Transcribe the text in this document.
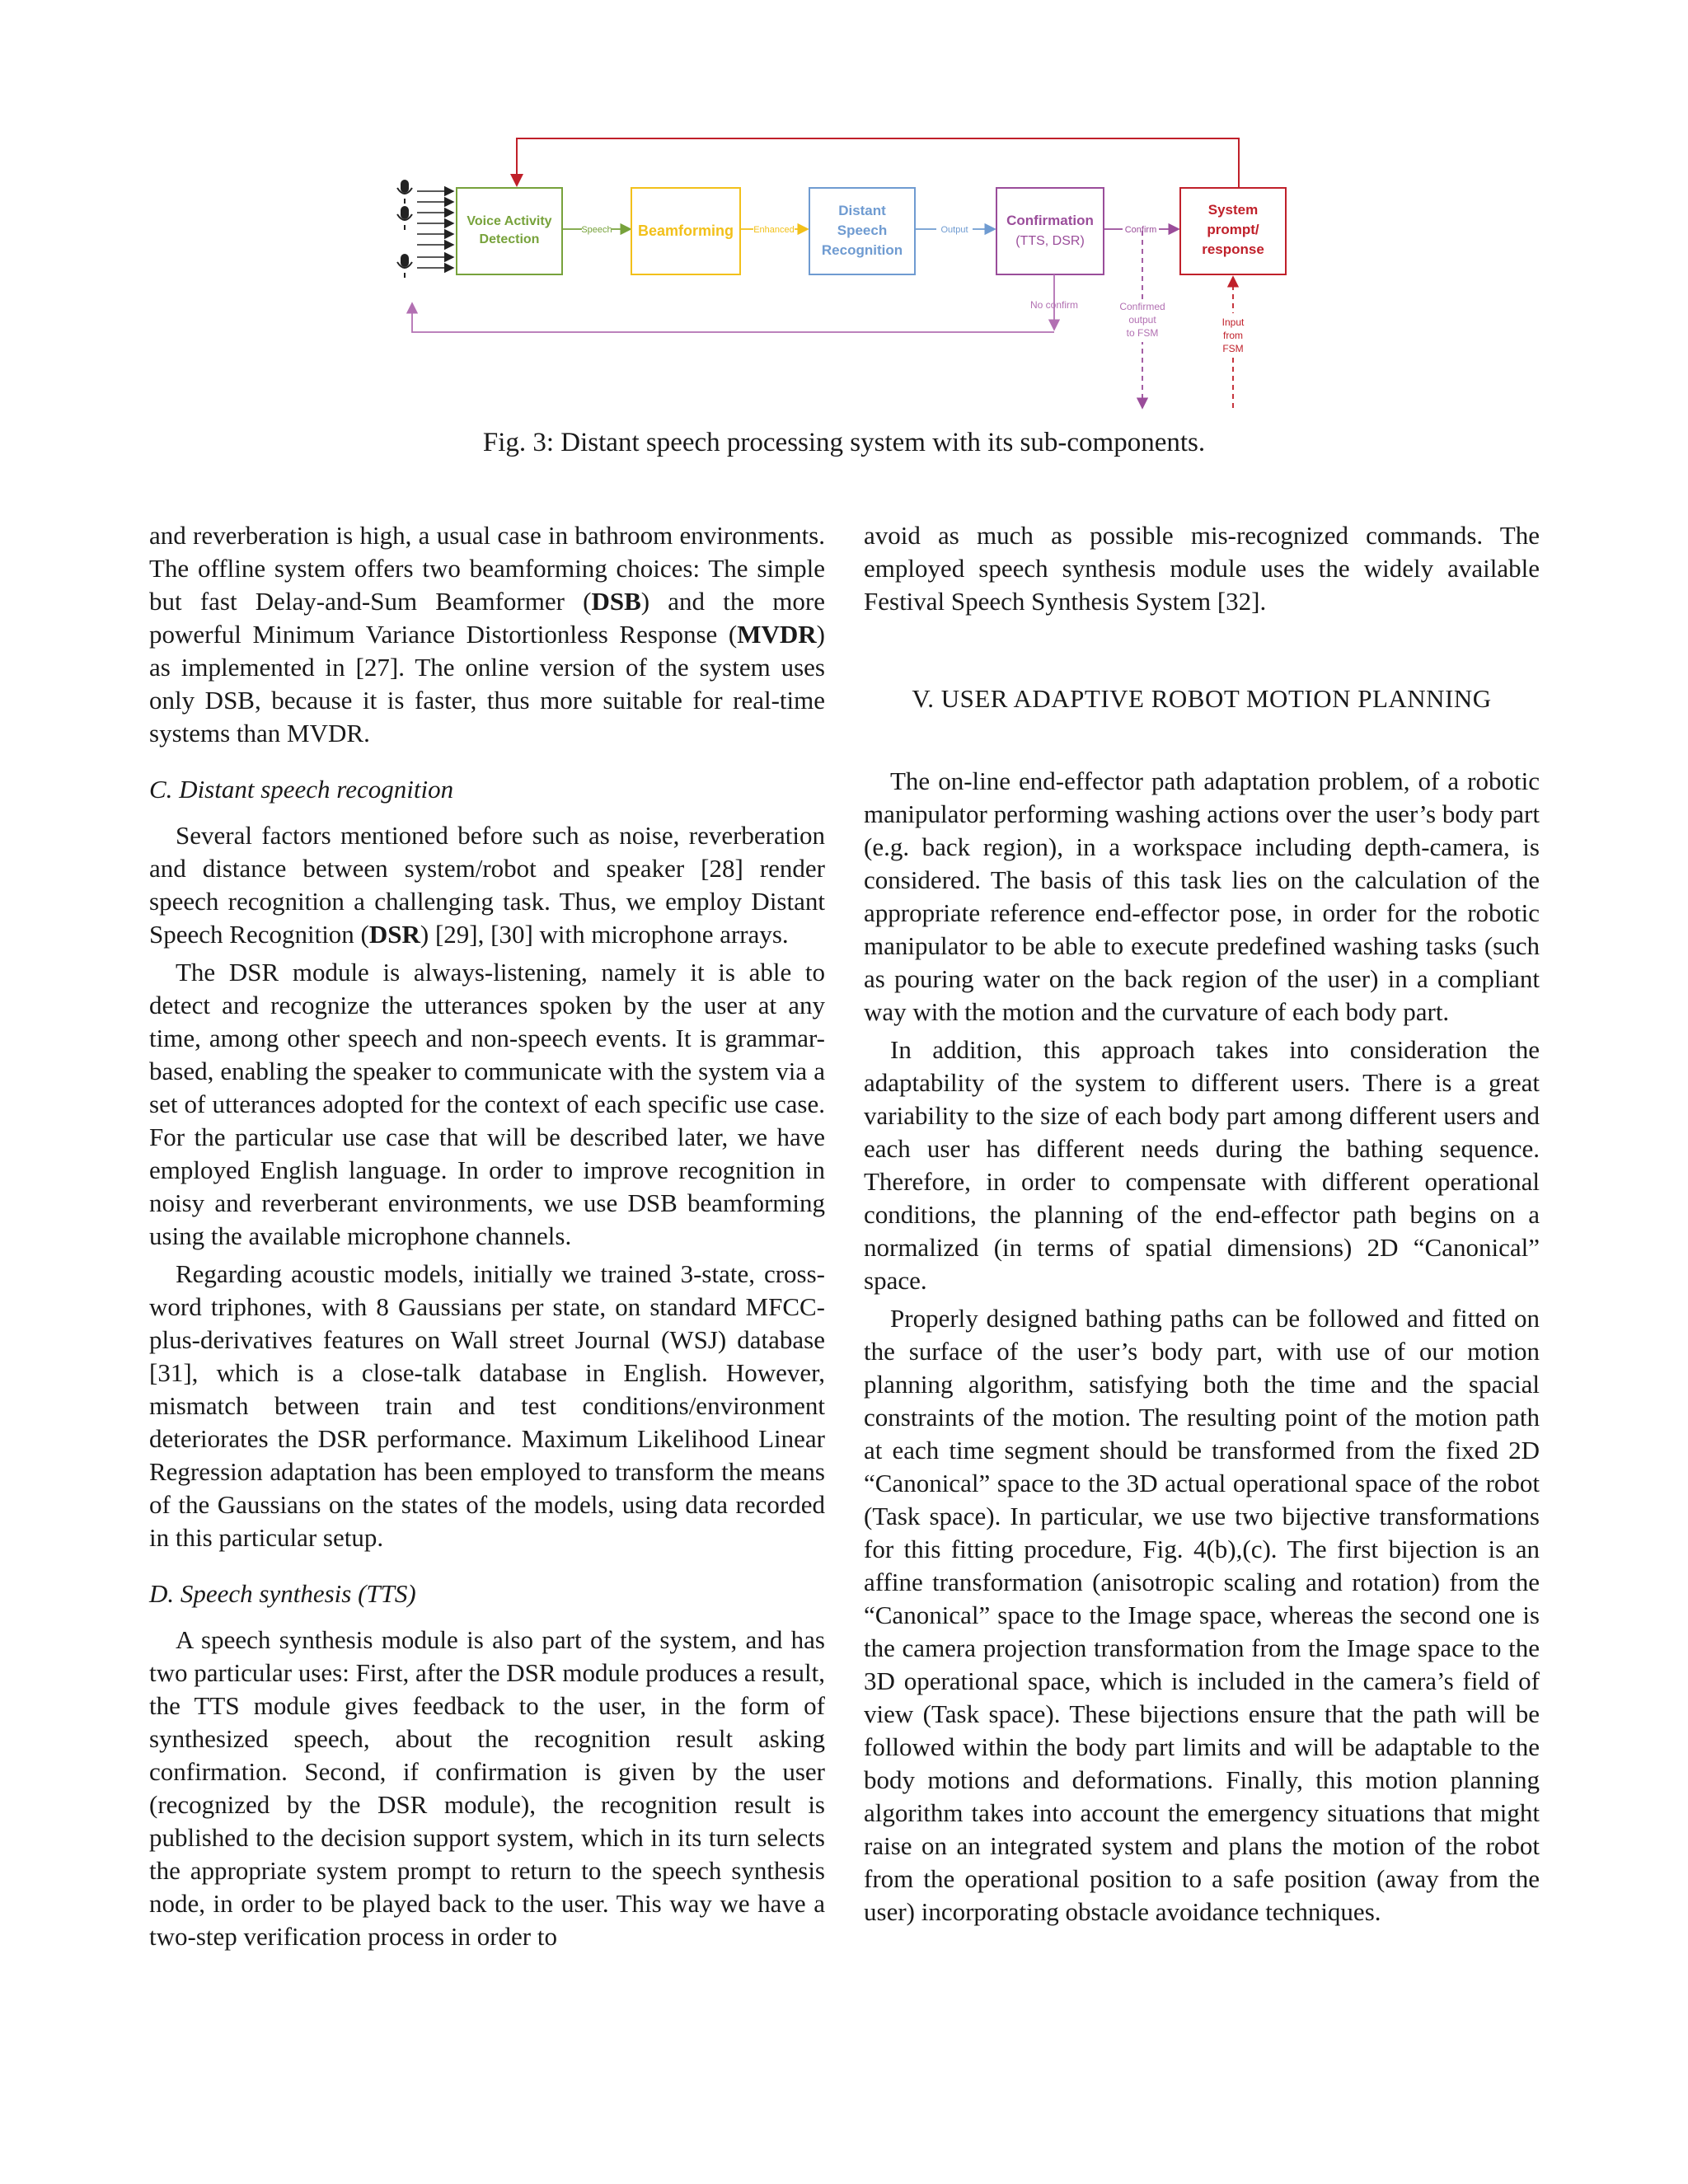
Voice Activity
Detection
Speech Beamforming Enhanced
Distant
Speech
Recognition
Output
Confirmation
(TTS, DSR)
Confirm
System
prompt/
response
No confirm	Confirmed
output
to FSM
Input
from
FSM
Fig. 3: Distant speech processing system with its sub-components.

and reverberation is high, a usual case in bathroom environments. The offline system offers two beamforming choices: The simple but fast Delay-and-Sum Beamformer (DSB) and the more powerful Minimum Variance Distortionless Response (MVDR) as implemented in [27]. The online version of the system uses only DSB, because it is faster, thus more suitable for real-time systems than MVDR.

C. Distant speech recognition

Several factors mentioned before such as noise, reverberation and distance between system/robot and speaker [28] render speech recognition a challenging task. Thus, we employ Distant Speech Recognition (DSR) [29], [30] with microphone arrays.

The DSR module is always-listening, namely it is able to detect and recognize the utterances spoken by the user at any time, among other speech and non-speech events. It is grammar-based, enabling the speaker to communicate with the system via a set of utterances adopted for the context of each specific use case. For the particular use case that will be described later, we have employed English language. In order to improve recognition in noisy and reverberant environments, we use DSB beamforming using the available microphone channels.

Regarding acoustic models, initially we trained 3-state, cross-word triphones, with 8 Gaussians per state, on standard MFCC-plus-derivatives features on Wall street Journal (WSJ) database [31], which is a close-talk database in English. However, mismatch between train and test conditions/environment deteriorates the DSR performance. Maximum Likelihood Linear Regression adaptation has been employed to transform the means of the Gaussians on the states of the models, using data recorded in this particular setup.

D. Speech synthesis (TTS)

A speech synthesis module is also part of the system, and has two particular uses: First, after the DSR module produces a result, the TTS module gives feedback to the user, in the form of synthesized speech, about the recognition result asking confirmation. Second, if confirmation is given by the user (recognized by the DSR module), the recognition result is published to the decision support system, which in its turn selects the appropriate system prompt to return to the speech synthesis node, in order to be played back to the user. This way we have a two-step verification process in order to

avoid as much as possible mis-recognized commands. The employed speech synthesis module uses the widely available Festival Speech Synthesis System [32].

V. USER ADAPTIVE ROBOT MOTION PLANNING

The on-line end-effector path adaptation problem, of a robotic manipulator performing washing actions over the user’s body part (e.g. back region), in a workspace including depth-camera, is considered. The basis of this task lies on the calculation of the appropriate reference end-effector pose, in order for the robotic manipulator to be able to execute predefined washing tasks (such as pouring water on the back region of the user) in a compliant way with the motion and the curvature of each body part.

In addition, this approach takes into consideration the adaptability of the system to different users. There is a great variability to the size of each body part among different users and each user has different needs during the bathing sequence. Therefore, in order to compensate with different operational conditions, the planning of the end-effector path begins on a normalized (in terms of spatial dimensions) 2D “Canonical” space.

Properly designed bathing paths can be followed and fitted on the surface of the user’s body part, with use of our motion planning algorithm, satisfying both the time and the spacial constraints of the motion. The resulting point of the motion path at each time segment should be transformed from the fixed 2D “Canonical” space to the 3D actual operational space of the robot (Task space). In particular, we use two bijective transformations for this fitting procedure, Fig. 4(b),(c). The first bijection is an affine transformation (anisotropic scaling and rotation) from the “Canonical” space to the Image space, whereas the second one is the camera projection transformation from the Image space to the 3D operational space, which is included in the camera’s field of view (Task space). These bijections ensure that the path will be followed within the body part limits and will be adaptable to the body motions and deformations. Finally, this motion planning algorithm takes into account the emergency situations that might raise on an integrated system and plans the motion of the robot from the operational position to a safe position (away from the user) incorporating obstacle avoidance techniques.
